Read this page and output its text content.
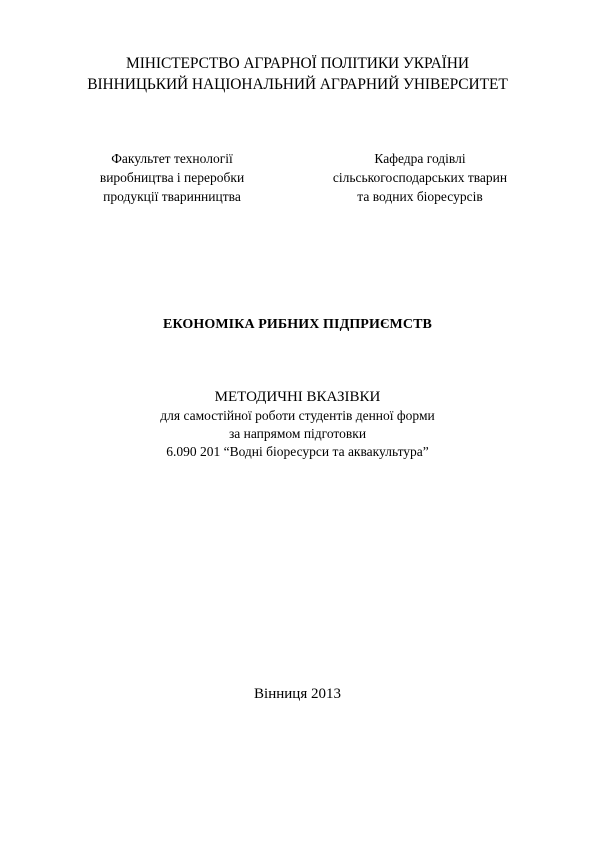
МІНІСТЕРСТВО АГРАРНОЇ ПОЛІТИКИ УКРАЇНИ
ВІННИЦЬКИЙ НАЦІОНАЛЬНИЙ АГРАРНИЙ УНІВЕРСИТЕТ
Факультет технології
виробництва і переробки
продукції тваринництва
Кафедра годівлі
сільськогосподарських тварин
та водних біоресурсів
ЕКОНОМІКА РИБНИХ ПІДПРИЄМСТВ
МЕТОДИЧНІ ВКАЗІВКИ
для самостійної роботи студентів денної форми
за напрямом підготовки
6.090 201 “Водні біоресурси та аквакультура”
Вінниця 2013
